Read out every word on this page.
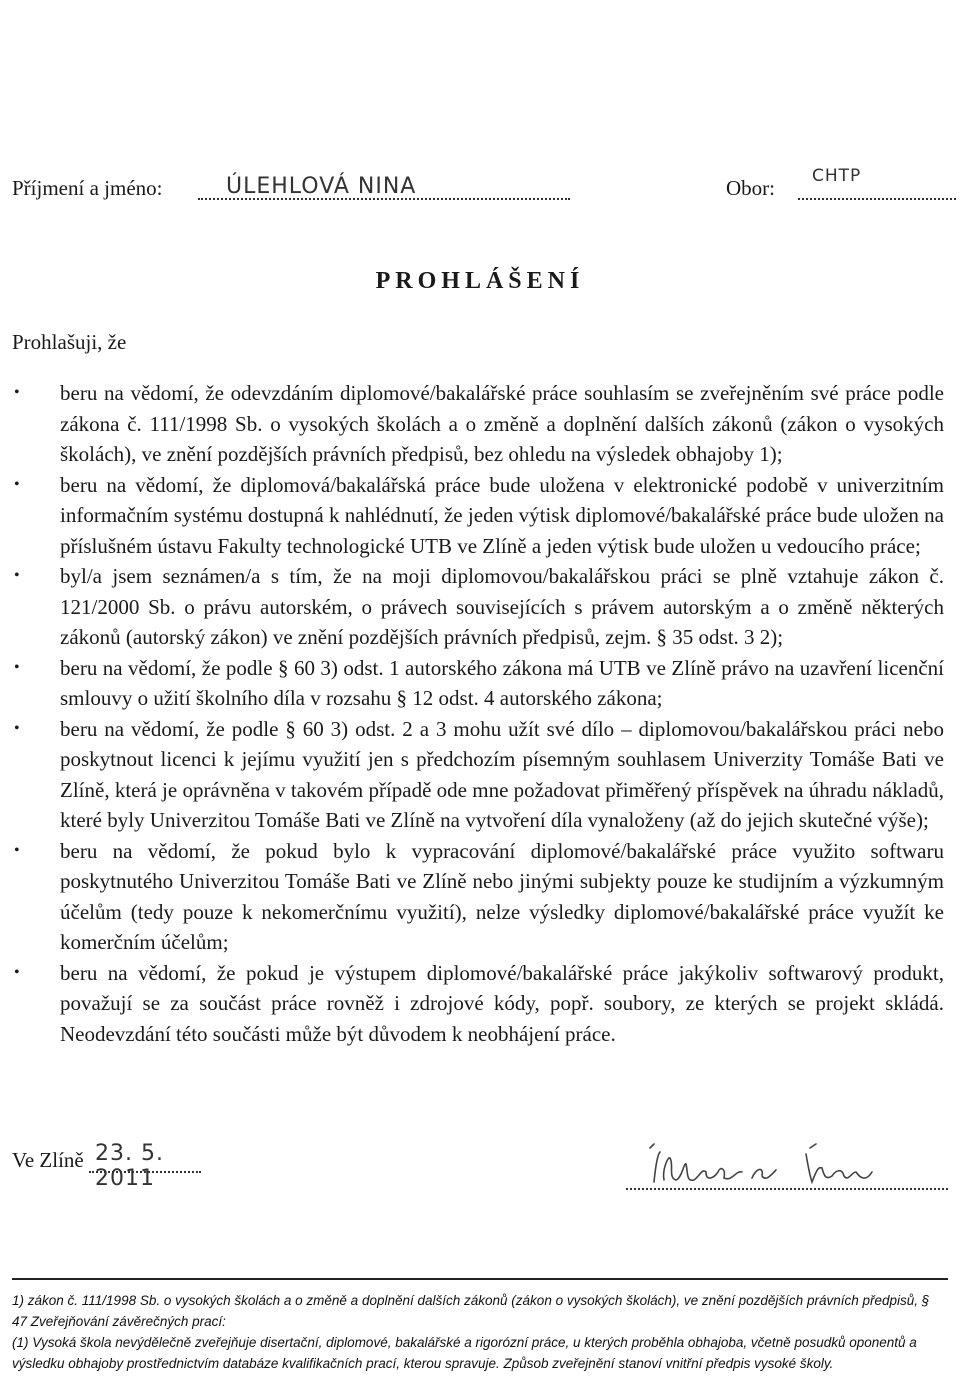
Příjmení a jméno:	ÚLEHLOVÁ NINA	Obor: CHTP
PROHLÁŠENÍ
Prohlašuji, že
• beru na vědomí, že odevzdáním diplomové/bakalářské práce souhlasím se zveřejněním své práce podle zákona č. 111/1998 Sb. o vysokých školách a o změně a doplnění dalších zákonů (zákon o vysokých školách), ve znění pozdějších právních předpisů, bez ohledu na výsledek obhajoby 1);
• beru na vědomí, že diplomová/bakalářská práce bude uložena v elektronické podobě v univerzitním informačním systému dostupná k nahlédnutí, že jeden výtisk diplomové/bakalářské práce bude uložen na příslušném ústavu Fakulty technologické UTB ve Zlíně a jeden výtisk bude uložen u vedoucího práce;
• byl/a jsem seznámen/a s tím, že na moji diplomovou/bakalářskou práci se plně vztahuje zákon č. 121/2000 Sb. o právu autorském, o právech souvisejících s právem autorským a o změně některých zákonů (autorský zákon) ve znění pozdějších právních předpisů, zejm. § 35 odst. 3 2);
• beru na vědomí, že podle § 60 3) odst. 1 autorského zákona má UTB ve Zlíně právo na uzavření licenční smlouvy o užití školního díla v rozsahu § 12 odst. 4 autorského zákona;
• beru na vědomí, že podle § 60 3) odst. 2 a 3 mohu užít své dílo – diplomovou/bakalářskou práci nebo poskytnout licenci k jejímu využití jen s předchozím písemným souhlasem Univerzity Tomáše Bati ve Zlíně, která je oprávněna v takovém případě ode mne požadovat přiměřený příspěvek na úhradu nákladů, které byly Univerzitou Tomáše Bati ve Zlíně na vytvoření díla vynaloženy (až do jejich skutečné výše);
• beru na vědomí, že pokud bylo k vypracování diplomové/bakalářské práce využito softwaru poskytnutého Univerzitou Tomáše Bati ve Zlíně nebo jinými subjekty pouze ke studijním a výzkumným účelům (tedy pouze k nekomerčnímu využití), nelze výsledky diplomové/bakalářské práce využít ke komerčním účelům;
• beru na vědomí, že pokud je výstupem diplomové/bakalářské práce jakýkoliv softwarový produkt, považují se za součást práce rovněž i zdrojové kódy, popř. soubory, ze kterých se projekt skládá. Neodevzdání této součásti může být důvodem k neobhájení práce.
Ve Zlíně 23. 5. 2011

1) zákon č. 111/1998 Sb. o vysokých školách a o změně a doplnění dalších zákonů (zákon o vysokých školách), ve znění pozdějších právních předpisů, § 47 Zveřejňování závěrečných prací:

(1) Vysoká škola nevýdělečně zveřejňuje disertační, diplomové, bakalářské a rigorózní práce, u kterých proběhla obhajoba, včetně posudků oponentů a výsledku obhajoby prostřednictvím databáze kvalifikačních prací, kterou spravuje. Způsob zveřejnění stanoví vnitřní předpis vysoké školy.
